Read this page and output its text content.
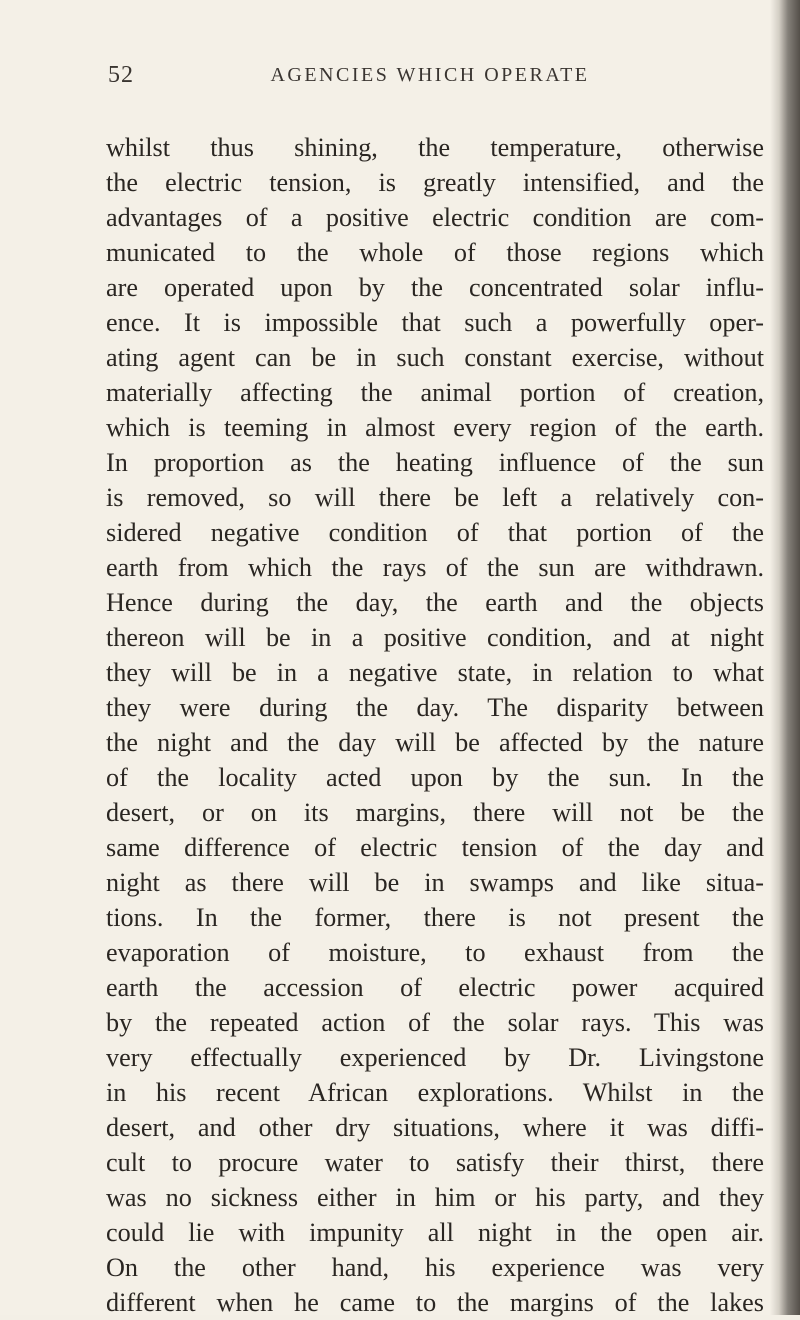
52	AGENCIES WHICH OPERATE
whilst thus shining, the temperature, otherwise
the electric tension, is greatly intensified, and the
advantages of a positive electric condition are com-
municated to the whole of those regions which
are operated upon by the concentrated solar influ-
ence. It is impossible that such a powerfully oper-
ating agent can be in such constant exercise, without
materially affecting the animal portion of creation,
which is teeming in almost every region of the earth.
In proportion as the heating influence of the sun
is removed, so will there be left a relatively con-
sidered negative condition of that portion of the
earth from which the rays of the sun are withdrawn.
Hence during the day, the earth and the objects
thereon will be in a positive condition, and at night
they will be in a negative state, in relation to what
they were during the day. The disparity between
the night and the day will be affected by the nature
of the locality acted upon by the sun. In the
desert, or on its margins, there will not be the
same difference of electric tension of the day and
night as there will be in swamps and like situa-
tions. In the former, there is not present the
evaporation of moisture, to exhaust from the
earth the accession of electric power acquired
by the repeated action of the solar rays. This was
very effectually experienced by Dr. Livingstone
in his recent African explorations. Whilst in the
desert, and other dry situations, where it was diffi-
cult to procure water to satisfy their thirst, there
was no sickness either in him or his party, and they
could lie with impunity all night in the open air.
On the other hand, his experience was very
different when he came to the margins of the lakes
